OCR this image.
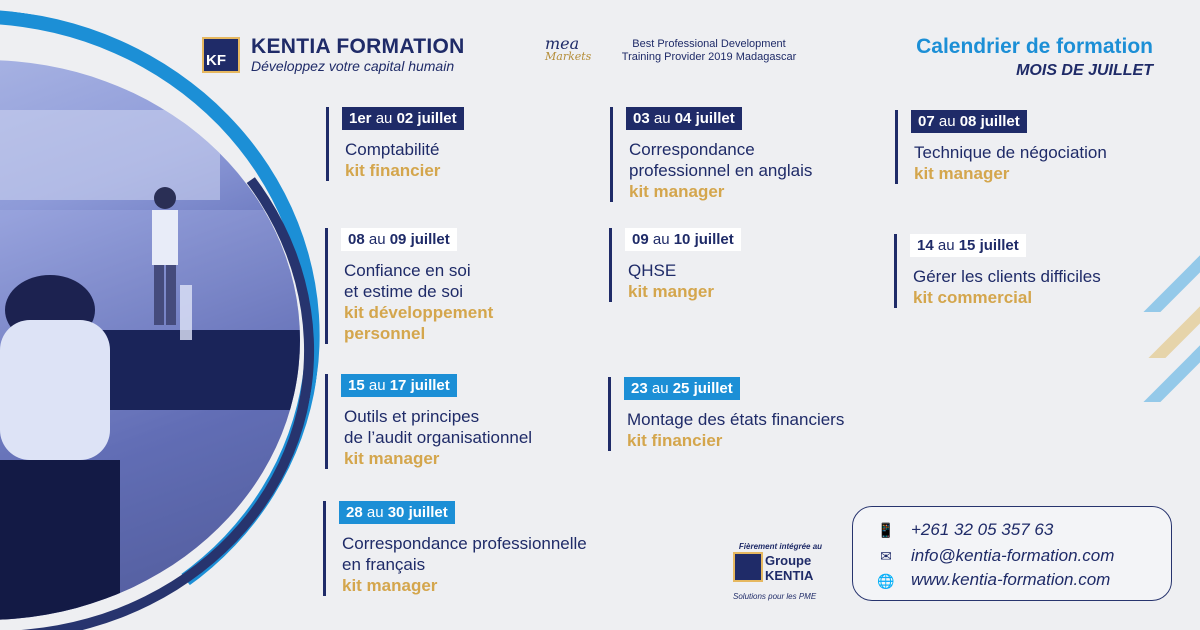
KF
KENTIA FORMATION
Développez votre capital humain
mea
Markets
Best Professional Development
Training Provider 2019 Madagascar	Calendrier de formation
MOIS DE JUILLET
1er au 02 juillet
Comptabilité
kit financier
03 au 04 juillet
Correspondance
professionnel en anglais
kit manager
07 au 08 juillet
Technique de négociation
kit manager
08 au 09 juillet
Confiance en soi
et estime de soi
kit développement
personnel
09 au 10 juillet
QHSE
kit manger
14 au 15 juillet
Gérer les clients difficiles
kit commercial
15 au 17 juillet
Outils et principes
de l’audit organisationnel
kit manager
23 au 25 juillet
Montage des états financiers
kit financier
28 au 30 juillet
Correspondance professionnelle
en français
kit manager
Fièrement intégrée au
Groupe
KENTIA
Solutions pour les PME
📱 +261 32 05 357 63
✉ info@kentia-formation.com
🌐 www.kentia-formation.com
